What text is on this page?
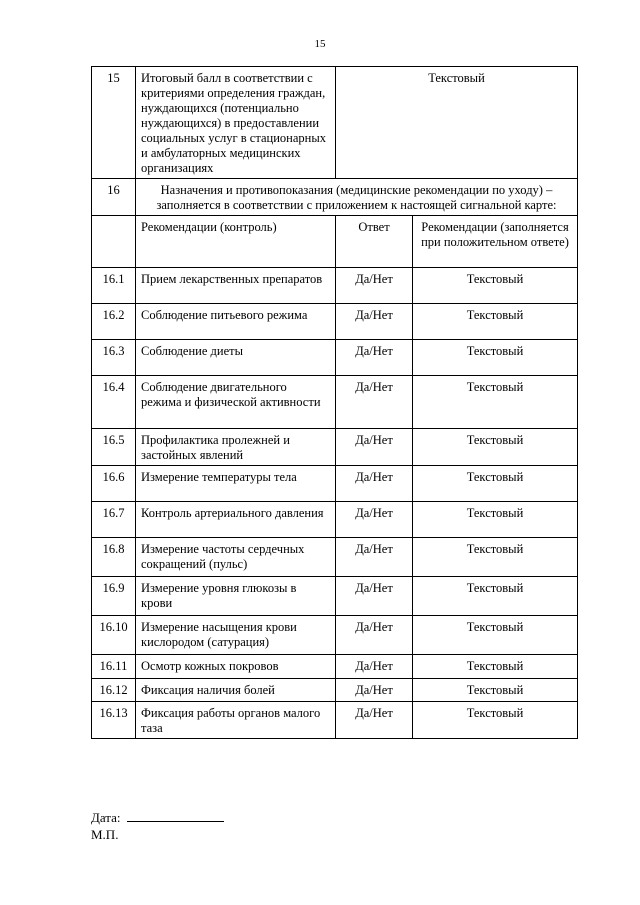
15
15	Итоговый балл в соответствии с критериями определения граждан, нуждающихся (потенциально нуждающихся) в предоставлении социальных услуг в стационарных и амбулаторных медицинских организациях	Текстовый	
16	Назначения и противопоказания (медицинские рекомендации по уходу) – заполняется в соответствии с приложением к настоящей сигнальной карте:		
	Рекомендации (контроль)	Ответ	Рекомендации (заполняется при положительном ответе)
16.1	Прием лекарственных препаратов	Да/Нет	Текстовый
16.2	Соблюдение питьевого режима	Да/Нет	Текстовый
16.3	Соблюдение диеты	Да/Нет	Текстовый
16.4	Соблюдение двигательного режима и физической активности	Да/Нет	Текстовый
16.5	Профилактика пролежней и застойных явлений	Да/Нет	Текстовый
16.6	Измерение температуры тела	Да/Нет	Текстовый
16.7	Контроль артериального давления	Да/Нет	Текстовый
16.8	Измерение частоты сердечных сокращений (пульс)	Да/Нет	Текстовый
16.9	Измерение уровня глюкозы в крови	Да/Нет	Текстовый
16.10	Измерение насыщения крови кислородом (сатурация)	Да/Нет	Текстовый
16.11	Осмотр кожных покровов	Да/Нет	Текстовый
16.12	Фиксация наличия болей	Да/Нет	Текстовый
16.13	Фиксация работы органов малого таза	Да/Нет	Текстовый
Дата:
М.П.
